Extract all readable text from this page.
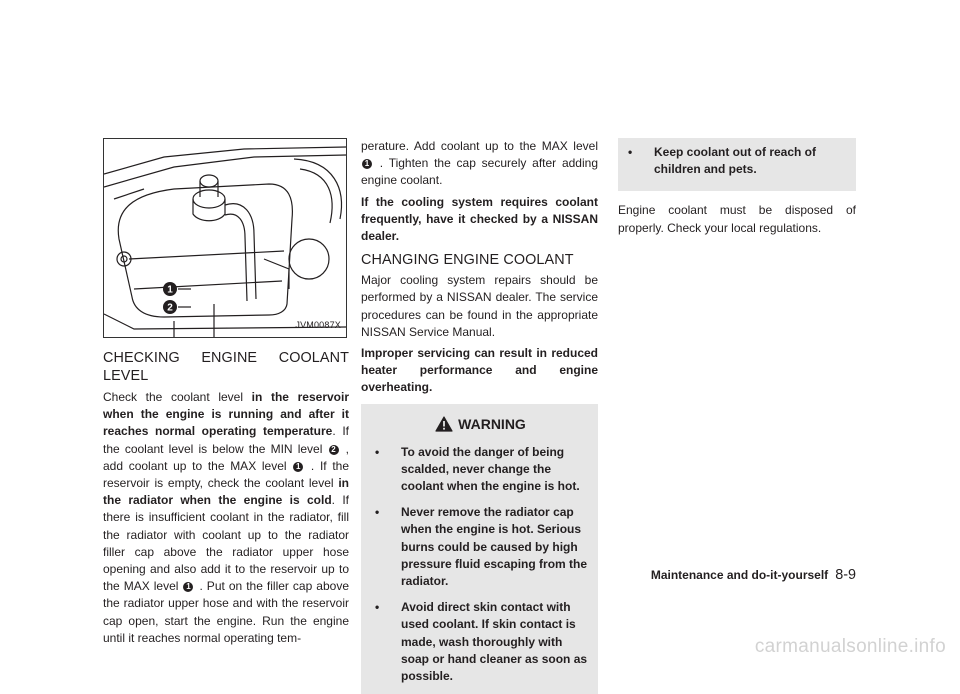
1
2
JVM0087X
CHECKING ENGINE COOLANT LEVEL

Check the coolant level in the reservoir when the engine is running and after it reaches normal operating temperature. If the coolant level is below the MIN level 2 , add coolant up to the MAX level 1 . If the reservoir is empty, check the coolant level in the radiator when the engine is cold. If there is insufficient coolant in the radiator, fill the radiator with coolant up to the radiator filler cap above the radiator upper hose opening and also add it to the reservoir up to the MAX level 1 . Put on the filler cap above the radiator upper hose and with the reservoir cap open, start the engine. Run the engine until it reaches normal operating tem-

perature. Add coolant up to the MAX level 1 . Tighten the cap securely after adding engine coolant.

If the cooling system requires coolant frequently, have it checked by a NISSAN dealer.

CHANGING ENGINE COOLANT

Major cooling system repairs should be performed by a NISSAN dealer. The service procedures can be found in the appropriate NISSAN Service Manual.

Improper servicing can result in reduced heater performance and engine overheating.

WARNING
• To avoid the danger of being scalded, never change the coolant when the engine is hot.
• Never remove the radiator cap when the engine is hot. Serious burns could be caused by high pressure fluid escaping from the radiator.
• Avoid direct skin contact with used coolant. If skin contact is made, wash thoroughly with soap or hand cleaner as soon as possible.
• Keep coolant out of reach of children and pets.

Engine coolant must be disposed of properly. Check your local regulations.

Maintenance and do-it-yourself 8-9
carmanualsonline.info
